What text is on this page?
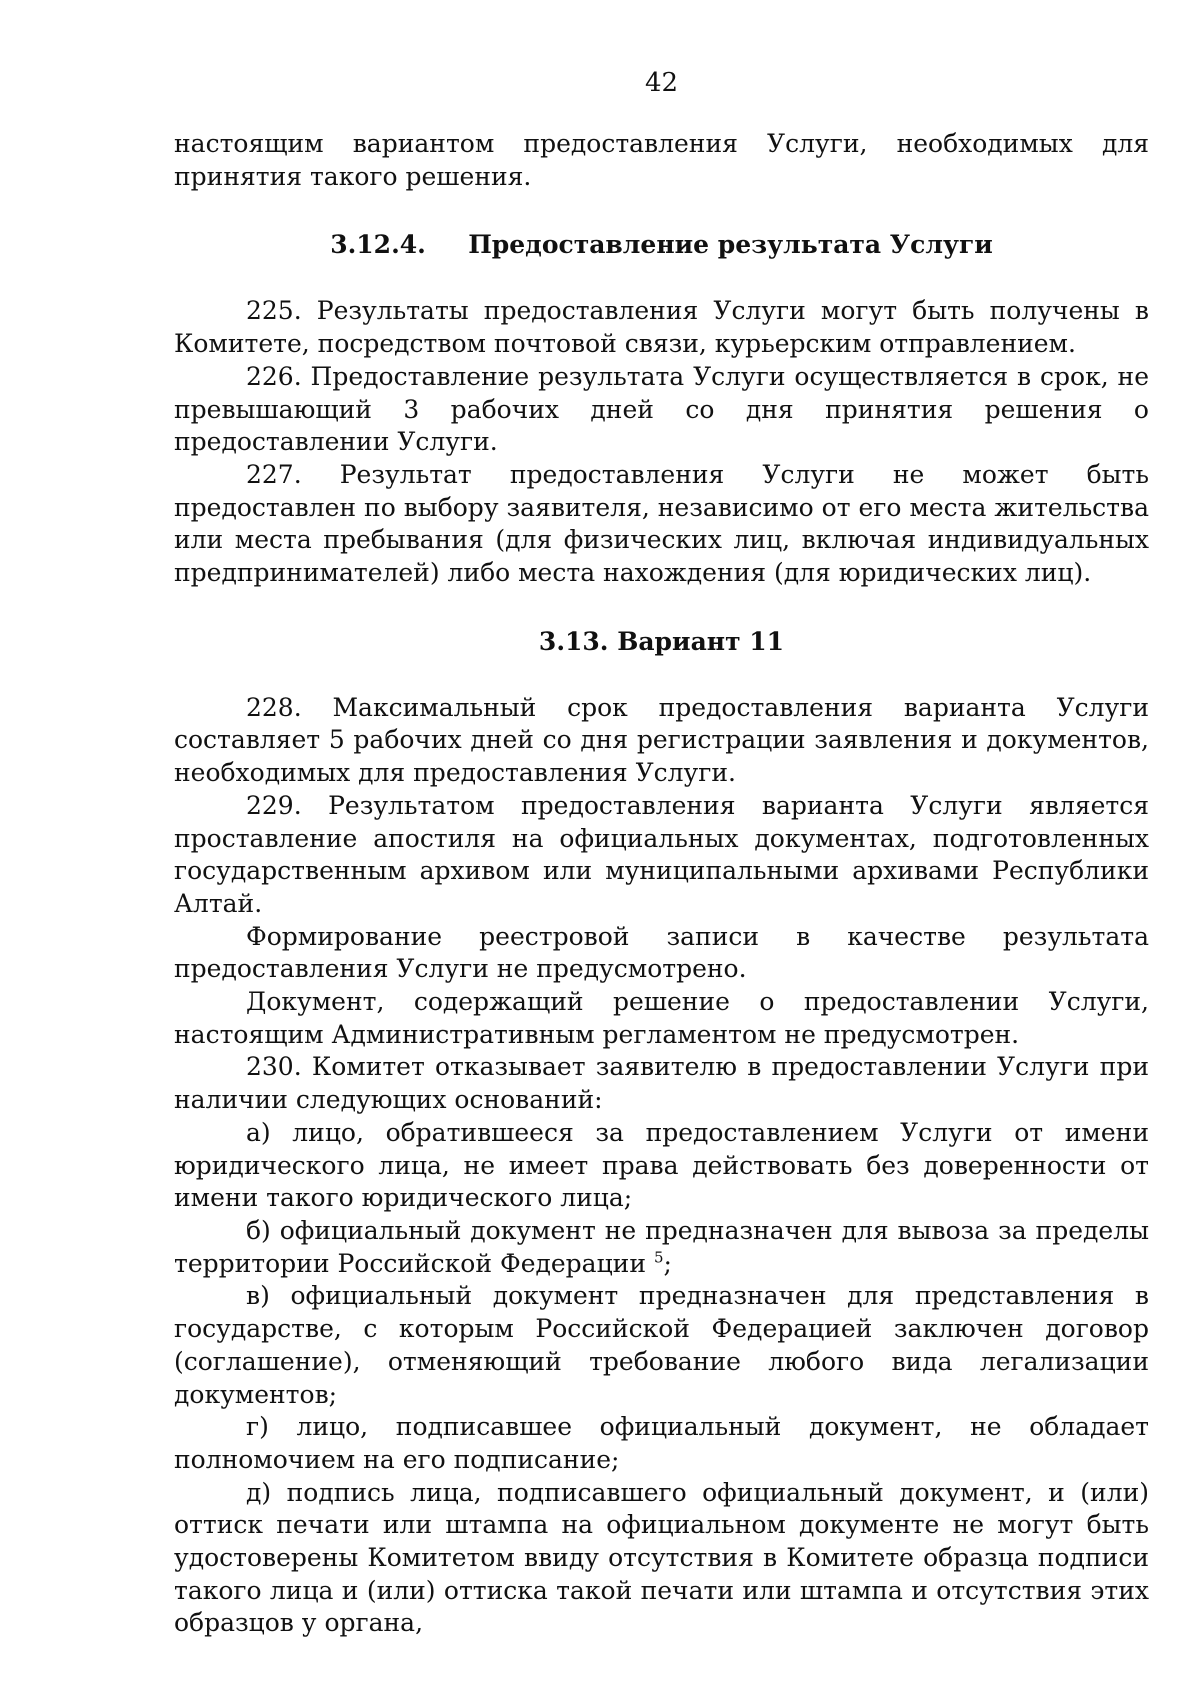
42

настоящим вариантом предоставления Услуги, необходимых для принятия такого решения.

3.12.4. Предоставление результата Услуги

225. Результаты предоставления Услуги могут быть получены в Комитете, посредством почтовой связи, курьерским отправлением.

226. Предоставление результата Услуги осуществляется в срок, не превышающий 3 рабочих дней со дня принятия решения о предоставлении Услуги.

227. Результат предоставления Услуги не может быть предоставлен по выбору заявителя, независимо от его места жительства или места пребывания (для физических лиц, включая индивидуальных предпринимателей) либо места нахождения (для юридических лиц).

3.13. Вариант 11

228. Максимальный срок предоставления варианта Услуги составляет 5 рабочих дней со дня регистрации заявления и документов, необходимых для предоставления Услуги.

229. Результатом предоставления варианта Услуги является проставление апостиля на официальных документах, подготовленных государственным архивом или муниципальными архивами Республики Алтай.

Формирование реестровой записи в качестве результата предоставления Услуги не предусмотрено.

Документ, содержащий решение о предоставлении Услуги, настоящим Административным регламентом не предусмотрен.

230. Комитет отказывает заявителю в предоставлении Услуги при наличии следующих оснований:

а) лицо, обратившееся за предоставлением Услуги от имени юридического лица, не имеет права действовать без доверенности от имени такого юридического лица;

б) официальный документ не предназначен для вывоза за пределы территории Российской Федерации $^5$;

в) официальный документ предназначен для представления в государстве, с которым Российской Федерацией заключен договор (соглашение), отменяющий требование любого вида легализации документов;

г) лицо, подписавшее официальный документ, не обладает полномочием на его подписание;

д) подпись лица, подписавшего официальный документ, и (или) оттиск печати или штампа на официальном документе не могут быть удостоверены Комитетом ввиду отсутствия в Комитете образца подписи такого лица и (или) оттиска такой печати или штампа и отсутствия этих образцов у органа,
